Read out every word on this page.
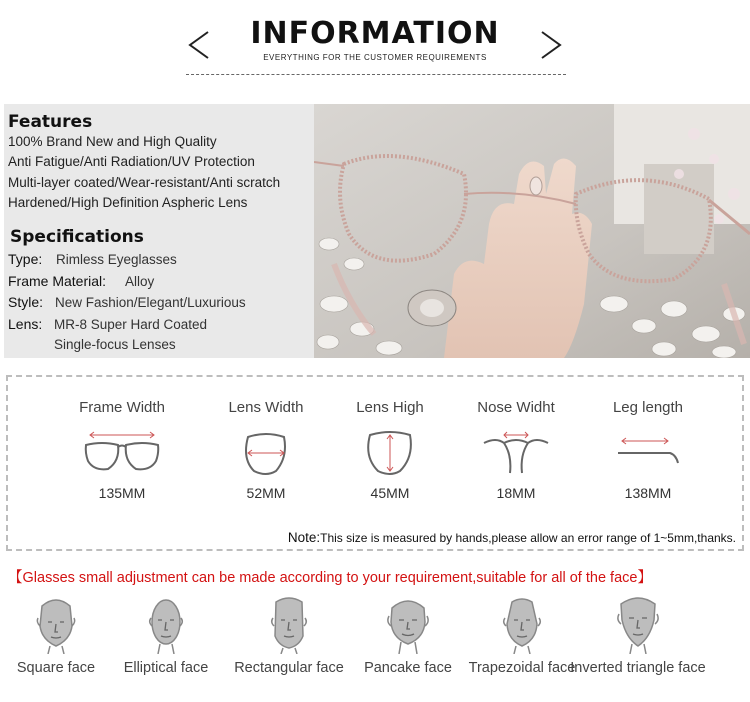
INFORMATION
EVERYTHING FOR THE CUSTOMER REQUIREMENTS
Features
100% Brand New and High Quality
Anti Fatigue/Anti Radiation/UV Protection
Multi-layer coated/Wear-resistant/Anti scratch
Hardened/High Definition Aspheric Lens
Specifications
Type: Rimless Eyeglasses
Frame Material: Alloy
Style: New Fashion/Elegant/Luxurious
Lens: MR-8 Super Hard Coated
Single-focus Lenses
Frame Width
135MM
Lens Width
52MM
Lens High
45MM
Nose Widht
18MM
Leg length
138MM
Note:This size is measured by hands,please allow an error range of 1~5mm,thanks.
【Glasses small adjustment can be made according to your requirement,suitable for all of the face】
Square face	Elliptical face	Rectangular face	Pancake face	Trapezoidal face
Inverted triangle face
